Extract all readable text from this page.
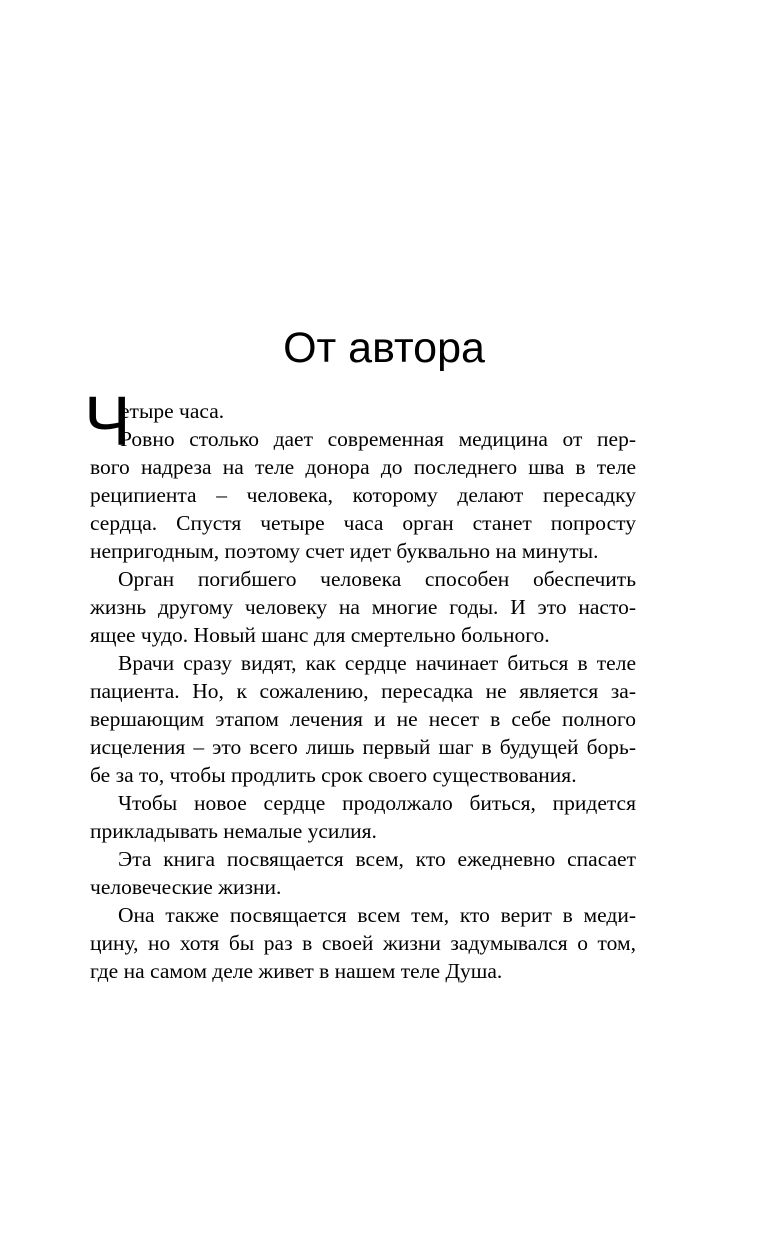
От автора
Ч

етыре часа.

Ровно столько дает современная медицина от пер-

вого надреза на теле донора до последнего шва в теле

реципиента – человека, которому делают пересадку

сердца. Спустя четыре часа орган станет попросту

непригодным, поэтому счет идет буквально на минуты.

Орган погибшего человека способен обеспечить

жизнь другому человеку на многие годы. И это насто-

ящее чудо. Новый шанс для смертельно больного.

Врачи сразу видят, как сердце начинает биться в теле

пациента. Но, к сожалению, пересадка не является за-

вершающим этапом лечения и не несет в себе полного

исцеления – это всего лишь первый шаг в будущей борь-

бе за то, чтобы продлить срок своего существования.

Чтобы новое сердце продолжало биться, придется

прикладывать немалые усилия.

Эта книга посвящается всем, кто ежедневно спасает

человеческие жизни.

Она также посвящается всем тем, кто верит в меди-

цину, но хотя бы раз в своей жизни задумывался о том,

где на самом деле живет в нашем теле Душа.
